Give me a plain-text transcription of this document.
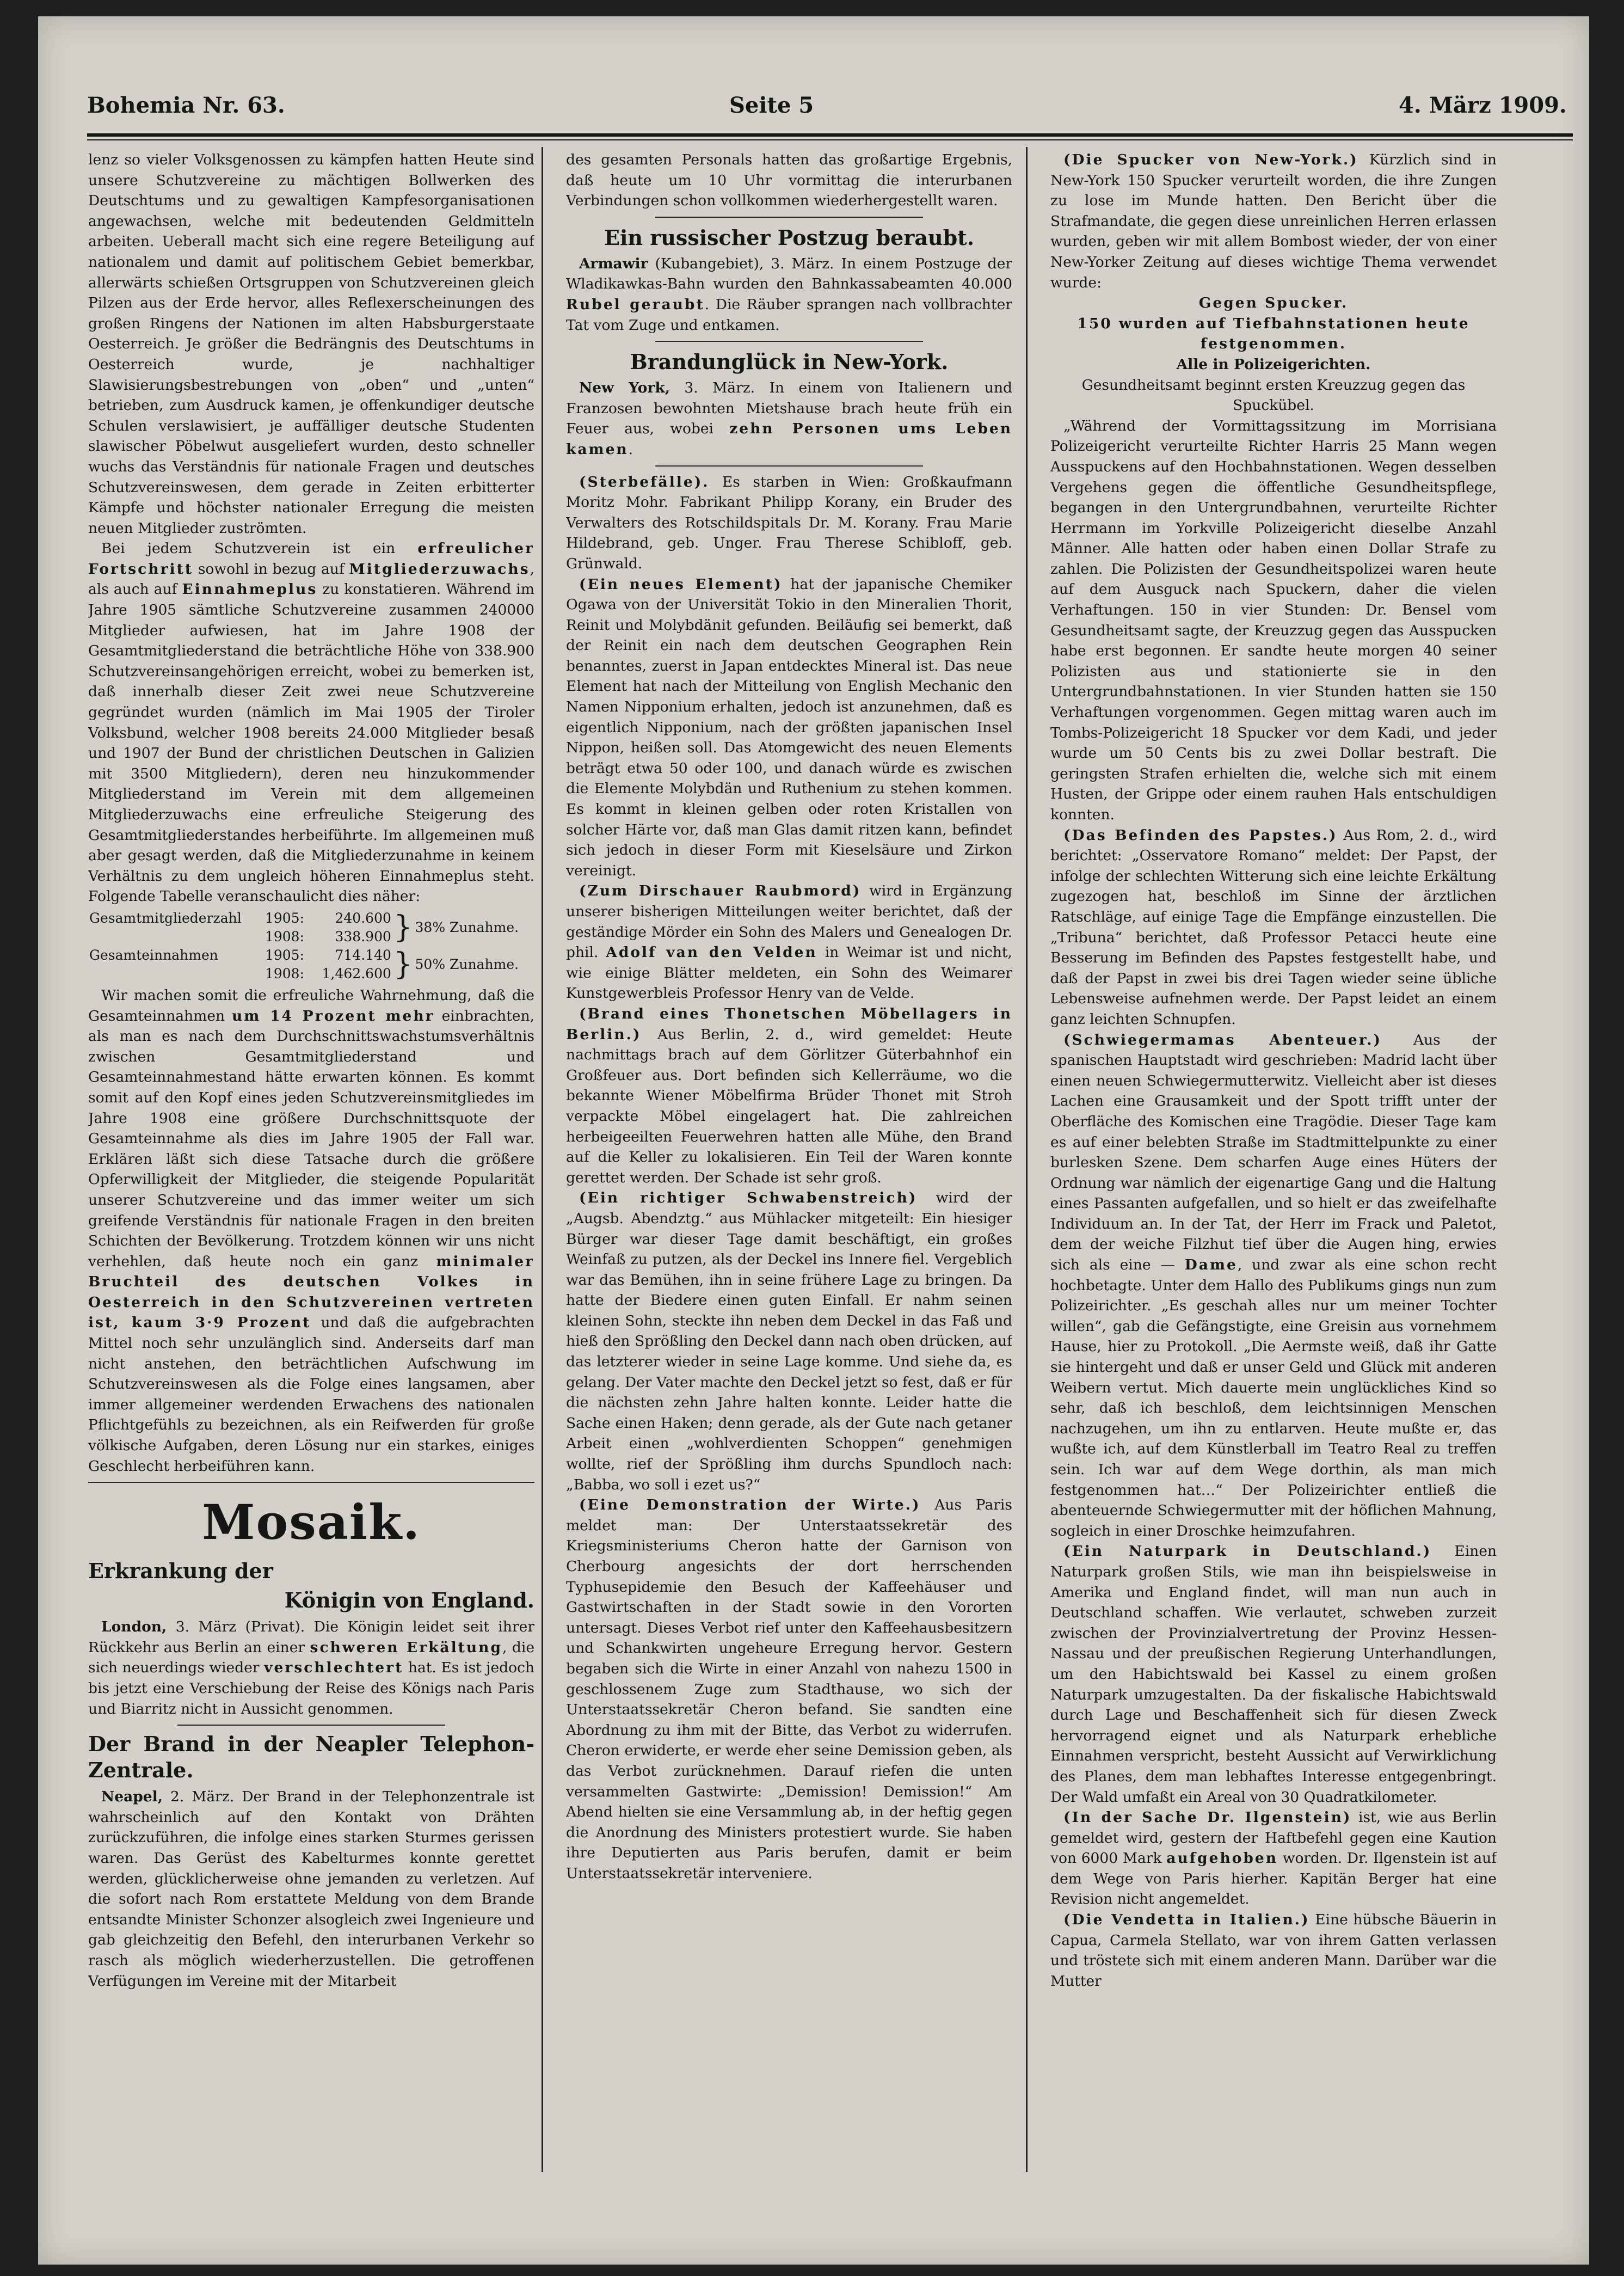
Bohemia Nr. 63.	Seite 5	4. März 1909.

lenz so vieler Volksgenossen zu kämpfen hatten Heute sind unsere Schutzvereine zu mächtigen Bollwerken des Deutschtums und zu gewaltigen Kampfesorganisationen angewachsen, welche mit bedeutenden Geldmitteln arbeiten. Ueberall macht sich eine regere Beteiligung auf nationalem und damit auf politischem Gebiet bemerkbar, allerwärts schießen Ortsgruppen von Schutzvereinen gleich Pilzen aus der Erde hervor, alles Reflexerscheinungen des großen Ringens der Nationen im alten Habsburgerstaate Oesterreich. Je größer die Bedrängnis des Deutschtums in Oesterreich wurde, je nachhaltiger Slawisierungsbestrebungen von „oben“ und „unten“ betrieben, zum Ausdruck kamen, je offenkundiger deutsche Schulen verslawisiert, je auffälliger deutsche Studenten slawischer Pöbelwut ausgeliefert wurden, desto schneller wuchs das Verständnis für nationale Fragen und deutsches Schutzvereinswesen, dem gerade in Zeiten erbitterter Kämpfe und höchster nationaler Erregung die meisten neuen Mitglieder zuströmten.

Bei jedem Schutzverein ist ein erfreulicher Fortschritt sowohl in bezug auf Mitgliederzuwachs, als auch auf Einnahmeplus zu konstatieren. Während im Jahre 1905 sämtliche Schutzvereine zusammen 240000 Mitglieder aufwiesen, hat im Jahre 1908 der Gesamtmitgliederstand die beträchtliche Höhe von 338.900 Schutzvereinsangehörigen erreicht, wobei zu bemerken ist, daß innerhalb dieser Zeit zwei neue Schutzvereine gegründet wurden (nämlich im Mai 1905 der Tiroler Volksbund, welcher 1908 bereits 24.000 Mitglieder besaß und 1907 der Bund der christlichen Deutschen in Galizien mit 3500 Mitgliedern), deren neu hinzukommender Mitgliederstand im Verein mit dem allgemeinen Mitgliederzuwachs eine erfreuliche Steigerung des Gesamtmitgliederstandes herbeiführte. Im allgemeinen muß aber gesagt werden, daß die Mitgliederzunahme in keinem Verhältnis zu dem ungleich höheren Einnahmeplus steht. Folgende Tabelle veranschaulicht dies näher:

Gesamtmitgliederzahl	1905:	240.600	}	38% Zunahme.
	1908:	338.900		
Gesamteinnahmen	1905:	714.140	}	50% Zunahme.
	1908:	1,462.600		

Wir machen somit die erfreuliche Wahrnehmung, daß die Gesamteinnahmen um 14 Prozent mehr einbrachten, als man es nach dem Durchschnittswachstumsverhältnis zwischen Gesamtmitgliederstand und Gesamteinnahmestand hätte erwarten können. Es kommt somit auf den Kopf eines jeden Schutzvereinsmitgliedes im Jahre 1908 eine größere Durchschnittsquote der Gesamteinnahme als dies im Jahre 1905 der Fall war. Erklären läßt sich diese Tatsache durch die größere Opferwilligkeit der Mitglieder, die steigende Popularität unserer Schutzvereine und das immer weiter um sich greifende Verständnis für nationale Fragen in den breiten Schichten der Bevölkerung. Trotzdem können wir uns nicht verhehlen, daß heute noch ein ganz minimaler Bruchteil des deutschen Volkes in Oesterreich in den Schutzvereinen vertreten ist, kaum 3·9 Prozent und daß die aufgebrachten Mittel noch sehr unzulänglich sind. Anderseits darf man nicht anstehen, den beträchtlichen Aufschwung im Schutzvereinswesen als die Folge eines langsamen, aber immer allgemeiner werdenden Erwachens des nationalen Pflichtgefühls zu bezeichnen, als ein Reifwerden für große völkische Aufgaben, deren Lösung nur ein starkes, einiges Geschlecht herbeiführen kann.

Mosaik.
Erkrankung der
Königin von England.

London, 3. März (Privat). Die Königin leidet seit ihrer Rückkehr aus Berlin an einer schweren Erkältung, die sich neuerdings wieder verschlechtert hat. Es ist jedoch bis jetzt eine Verschiebung der Reise des Königs nach Paris und Biarritz nicht in Aussicht genommen.

Der Brand in der Neapler Telephon-Zentrale.

Neapel, 2. März. Der Brand in der Telephonzentrale ist wahrscheinlich auf den Kontakt von Drähten zurückzuführen, die infolge eines starken Sturmes gerissen waren. Das Gerüst des Kabelturmes konnte gerettet werden, glücklicherweise ohne jemanden zu verletzen. Auf die sofort nach Rom erstattete Meldung von dem Brande entsandte Minister Schonzer alsogleich zwei Ingenieure und gab gleichzeitig den Befehl, den interurbanen Verkehr so rasch als möglich wiederherzustellen. Die getroffenen Verfügungen im Vereine mit der Mitarbeit

des gesamten Personals hatten das großartige Ergebnis, daß heute um 10 Uhr vormittag die interurbanen Verbindungen schon vollkommen wiederhergestellt waren.

Ein russischer Postzug beraubt.

Armawir (Kubangebiet), 3. März. In einem Postzuge der Wladikawkas-Bahn wurden den Bahnkassabeamten 40.000 Rubel geraubt. Die Räuber sprangen nach vollbrachter Tat vom Zuge und entkamen.

Brandunglück in New-York.

New York, 3. März. In einem von Italienern und Franzosen bewohnten Mietshause brach heute früh ein Feuer aus, wobei zehn Personen ums Leben kamen.

(Sterbefälle). Es starben in Wien: Großkaufmann Moritz Mohr. Fabrikant Philipp Korany, ein Bruder des Verwalters des Rotschildspitals Dr. M. Korany. Frau Marie Hildebrand, geb. Unger. Frau Therese Schibloff, geb. Grünwald.

(Ein neues Element) hat der japanische Chemiker Ogawa von der Universität Tokio in den Mineralien Thorit, Reinit und Molybdänit gefunden. Beiläufig sei bemerkt, daß der Reinit ein nach dem deutschen Geographen Rein benanntes, zuerst in Japan entdecktes Mineral ist. Das neue Element hat nach der Mitteilung von English Mechanic den Namen Nipponium erhalten, jedoch ist anzunehmen, daß es eigentlich Nipponium, nach der größten japanischen Insel Nippon, heißen soll. Das Atomgewicht des neuen Elements beträgt etwa 50 oder 100, und danach würde es zwischen die Elemente Molybdän und Ruthenium zu stehen kommen. Es kommt in kleinen gelben oder roten Kristallen von solcher Härte vor, daß man Glas damit ritzen kann, befindet sich jedoch in dieser Form mit Kieselsäure und Zirkon vereinigt.

(Zum Dirschauer Raubmord) wird in Ergänzung unserer bisherigen Mitteilungen weiter berichtet, daß der geständige Mörder ein Sohn des Malers und Genealogen Dr. phil. Adolf van den Velden in Weimar ist und nicht, wie einige Blätter meldeten, ein Sohn des Weimarer Kunstgewerbleis Professor Henry van de Velde.

(Brand eines Thonetschen Möbellagers in Berlin.) Aus Berlin, 2. d., wird gemeldet: Heute nachmittags brach auf dem Görlitzer Güterbahnhof ein Großfeuer aus. Dort befinden sich Kellerräume, wo die bekannte Wiener Möbelfirma Brüder Thonet mit Stroh verpackte Möbel eingelagert hat. Die zahlreichen herbeigeeilten Feuerwehren hatten alle Mühe, den Brand auf die Keller zu lokalisieren. Ein Teil der Waren konnte gerettet werden. Der Schade ist sehr groß.

(Ein richtiger Schwabenstreich) wird der „Augsb. Abendztg.“ aus Mühlacker mitgeteilt: Ein hiesiger Bürger war dieser Tage damit beschäftigt, ein großes Weinfaß zu putzen, als der Deckel ins Innere fiel. Vergeblich war das Bemühen, ihn in seine frühere Lage zu bringen. Da hatte der Biedere einen guten Einfall. Er nahm seinen kleinen Sohn, steckte ihn neben dem Deckel in das Faß und hieß den Sprößling den Deckel dann nach oben drücken, auf das letzterer wieder in seine Lage komme. Und siehe da, es gelang. Der Vater machte den Deckel jetzt so fest, daß er für die nächsten zehn Jahre halten konnte. Leider hatte die Sache einen Haken; denn gerade, als der Gute nach getaner Arbeit einen „wohlverdienten Schoppen“ genehmigen wollte, rief der Sprößling ihm durchs Spundloch nach: „Babba, wo soll i ezet us?“

(Eine Demonstration der Wirte.) Aus Paris meldet man: Der Unterstaatssekretär des Kriegsministeriums Cheron hatte der Garnison von Cherbourg angesichts der dort herrschenden Typhusepidemie den Besuch der Kaffeehäuser und Gastwirtschaften in der Stadt sowie in den Vororten untersagt. Dieses Verbot rief unter den Kaffeehausbesitzern und Schankwirten ungeheure Erregung hervor. Gestern begaben sich die Wirte in einer Anzahl von nahezu 1500 in geschlossenem Zuge zum Stadthause, wo sich der Unterstaatssekretär Cheron befand. Sie sandten eine Abordnung zu ihm mit der Bitte, das Verbot zu widerrufen. Cheron erwiderte, er werde eher seine Demission geben, als das Verbot zurücknehmen. Darauf riefen die unten versammelten Gastwirte: „Demission! Demission!“ Am Abend hielten sie eine Versammlung ab, in der heftig gegen die Anordnung des Ministers protestiert wurde. Sie haben ihre Deputierten aus Paris berufen, damit er beim Unterstaatssekretär interveniere.

(Die Spucker von New-York.) Kürzlich sind in New-York 150 Spucker verurteilt worden, die ihre Zungen zu lose im Munde hatten. Den Bericht über die Strafmandate, die gegen diese unreinlichen Herren erlassen wurden, geben wir mit allem Bombost wieder, der von einer New-Yorker Zeitung auf dieses wichtige Thema verwendet wurde:

Gegen Spucker.

150 wurden auf Tiefbahnstationen heute festgenommen.

Alle in Polizeigerichten.

Gesundheitsamt beginnt ersten Kreuzzug gegen das Spuckübel.

„Während der Vormittagssitzung im Morrisiana Polizeigericht verurteilte Richter Harris 25 Mann wegen Ausspuckens auf den Hochbahnstationen. Wegen desselben Vergehens gegen die öffentliche Gesundheitspflege, begangen in den Untergrundbahnen, verurteilte Richter Herrmann im Yorkville Polizeigericht dieselbe Anzahl Männer. Alle hatten oder haben einen Dollar Strafe zu zahlen. Die Polizisten der Gesundheitspolizei waren heute auf dem Ausguck nach Spuckern, daher die vielen Verhaftungen. 150 in vier Stunden: Dr. Bensel vom Gesundheitsamt sagte, der Kreuzzug gegen das Ausspucken habe erst begonnen. Er sandte heute morgen 40 seiner Polizisten aus und stationierte sie in den Untergrundbahnstationen. In vier Stunden hatten sie 150 Verhaftungen vorgenommen. Gegen mittag waren auch im Tombs-Polizeigericht 18 Spucker vor dem Kadi, und jeder wurde um 50 Cents bis zu zwei Dollar bestraft. Die geringsten Strafen erhielten die, welche sich mit einem Husten, der Grippe oder einem rauhen Hals entschuldigen konnten.

(Das Befinden des Papstes.) Aus Rom, 2. d., wird berichtet: „Osservatore Romano“ meldet: Der Papst, der infolge der schlechten Witterung sich eine leichte Erkältung zugezogen hat, beschloß im Sinne der ärztlichen Ratschläge, auf einige Tage die Empfänge einzustellen. Die „Tribuna“ berichtet, daß Professor Petacci heute eine Besserung im Befinden des Papstes festgestellt habe, und daß der Papst in zwei bis drei Tagen wieder seine übliche Lebensweise aufnehmen werde. Der Papst leidet an einem ganz leichten Schnupfen.

(Schwiegermamas Abenteuer.) Aus der spanischen Hauptstadt wird geschrieben: Madrid lacht über einen neuen Schwiegermutterwitz. Vielleicht aber ist dieses Lachen eine Grausamkeit und der Spott trifft unter der Oberfläche des Komischen eine Tragödie. Dieser Tage kam es auf einer belebten Straße im Stadtmittelpunkte zu einer burlesken Szene. Dem scharfen Auge eines Hüters der Ordnung war nämlich der eigenartige Gang und die Haltung eines Passanten aufgefallen, und so hielt er das zweifelhafte Individuum an. In der Tat, der Herr im Frack und Paletot, dem der weiche Filzhut tief über die Augen hing, erwies sich als eine — Dame, und zwar als eine schon recht hochbetagte. Unter dem Hallo des Publikums gings nun zum Polizeirichter. „Es geschah alles nur um meiner Tochter willen“, gab die Gefängstigte, eine Greisin aus vornehmem Hause, hier zu Protokoll. „Die Aermste weiß, daß ihr Gatte sie hintergeht und daß er unser Geld und Glück mit anderen Weibern vertut. Mich dauerte mein unglückliches Kind so sehr, daß ich beschloß, dem leichtsinnigen Menschen nachzugehen, um ihn zu entlarven. Heute mußte er, das wußte ich, auf dem Künstlerball im Teatro Real zu treffen sein. Ich war auf dem Wege dorthin, als man mich festgenommen hat…“ Der Polizeirichter entließ die abenteuernde Schwiegermutter mit der höflichen Mahnung, sogleich in einer Droschke heimzufahren.

(Ein Naturpark in Deutschland.) Einen Naturpark großen Stils, wie man ihn beispielsweise in Amerika und England findet, will man nun auch in Deutschland schaffen. Wie verlautet, schweben zurzeit zwischen der Provinzialvertretung der Provinz Hessen-Nassau und der preußischen Regierung Unterhandlungen, um den Habichtswald bei Kassel zu einem großen Naturpark umzugestalten. Da der fiskalische Habichtswald durch Lage und Beschaffenheit sich für diesen Zweck hervorragend eignet und als Naturpark erhebliche Einnahmen verspricht, besteht Aussicht auf Verwirklichung des Planes, dem man lebhaftes Interesse entgegenbringt. Der Wald umfaßt ein Areal von 30 Quadratkilometer.

(In der Sache Dr. Ilgenstein) ist, wie aus Berlin gemeldet wird, gestern der Haftbefehl gegen eine Kaution von 6000 Mark aufgehoben worden. Dr. Ilgenstein ist auf dem Wege von Paris hierher. Kapitän Berger hat eine Revision nicht angemeldet.

(Die Vendetta in Italien.) Eine hübsche Bäuerin in Capua, Carmela Stellato, war von ihrem Gatten verlassen und tröstete sich mit einem anderen Mann. Darüber war die Mutter
